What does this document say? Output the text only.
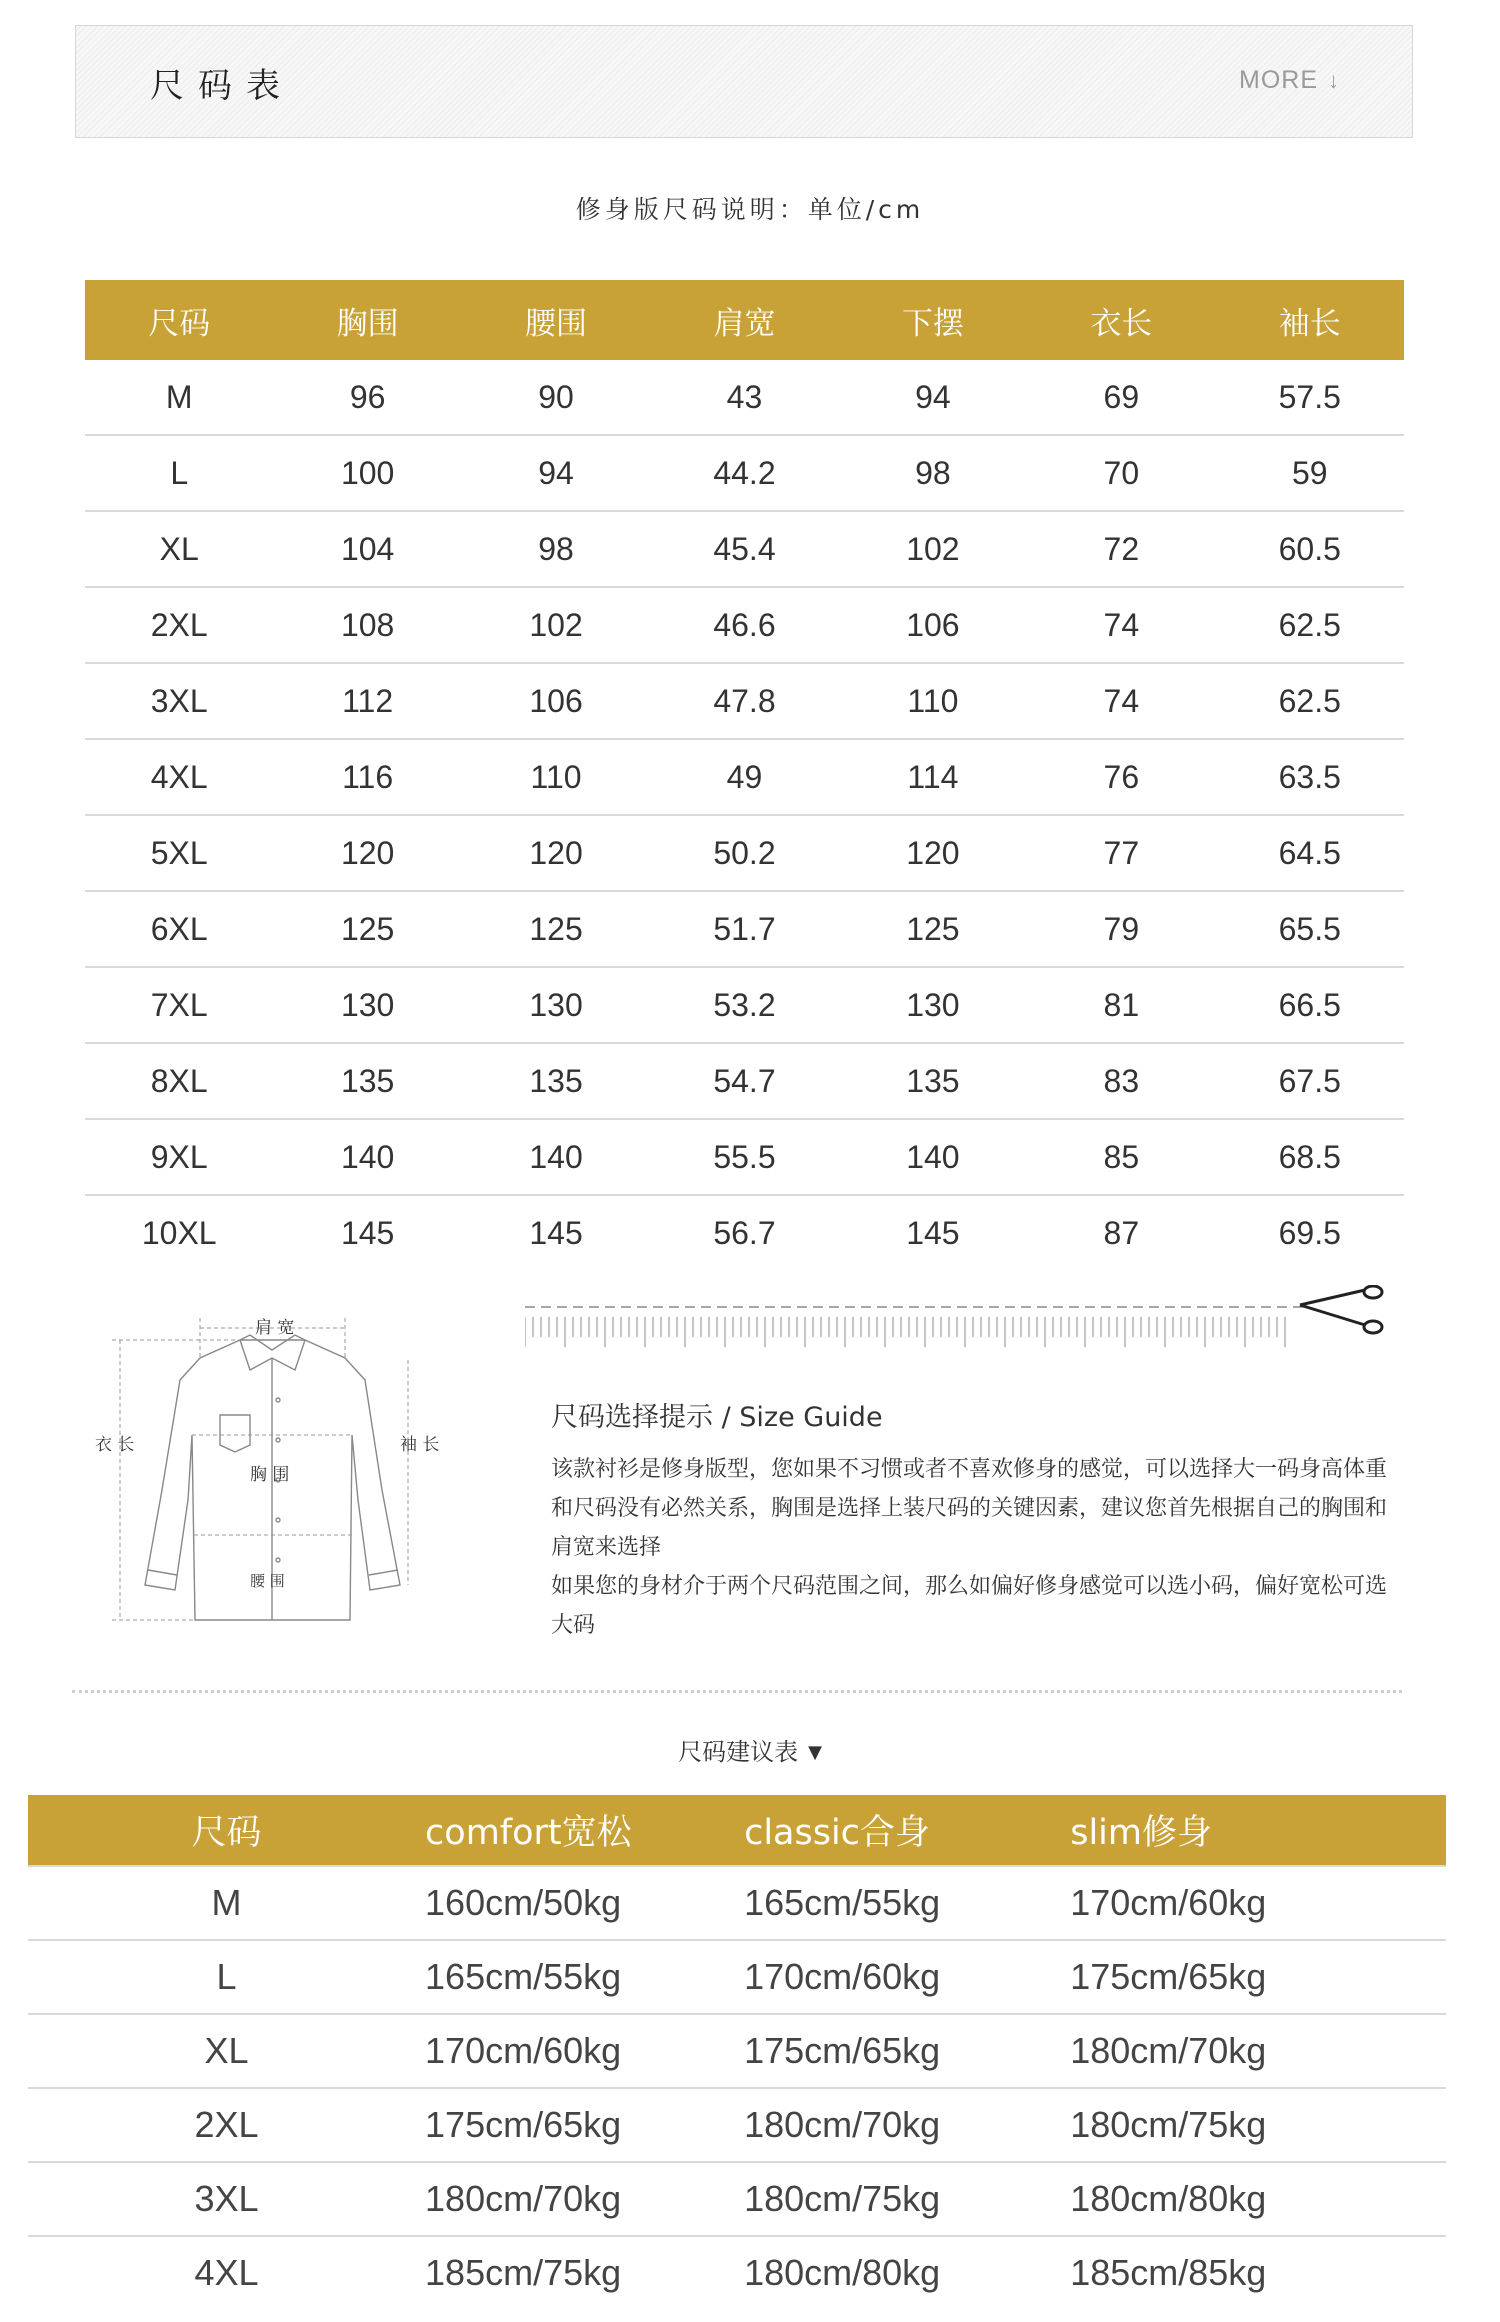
尺码表	MORE ↓
修身版尺码说明：单位/cm
尺码	胸围	腰围	肩宽	下摆	衣长	袖长
M	96	90	43	94	69	57.5
L	100	94	44.2	98	70	59
XL	104	98	45.4	102	72	60.5
2XL	108	102	46.6	106	74	62.5
3XL	112	106	47.8	110	74	62.5
4XL	116	110	49	114	76	63.5
5XL	120	120	50.2	120	77	64.5
6XL	125	125	51.7	125	79	65.5
7XL	130	130	53.2	130	81	66.5
8XL	135	135	54.7	135	83	67.5
9XL	140	140	55.5	140	85	68.5
10XL	145	145	56.7	145	87	69.5
肩 宽
衣 长	袖 长
胸 围
腰 围
尺码选择提示 / Size Guide

该款衬衫是修身版型，您如果不习惯或者不喜欢修身的感觉，可以选择大一码身高体重和尺码没有必然关系，胸围是选择上装尺码的关键因素，建议您首先根据自己的胸围和肩宽来选择

如果您的身材介于两个尺码范围之间，那么如偏好修身感觉可以选小码，偏好宽松可选大码

尺码建议表 ▼
尺码	comfort宽松	classic合身	slim修身
M	160cm/50kg	165cm/55kg	170cm/60kg
L	165cm/55kg	170cm/60kg	175cm/65kg
XL	170cm/60kg	175cm/65kg	180cm/70kg
2XL	175cm/65kg	180cm/70kg	180cm/75kg
3XL	180cm/70kg	180cm/75kg	180cm/80kg
4XL	185cm/75kg	180cm/80kg	185cm/85kg
